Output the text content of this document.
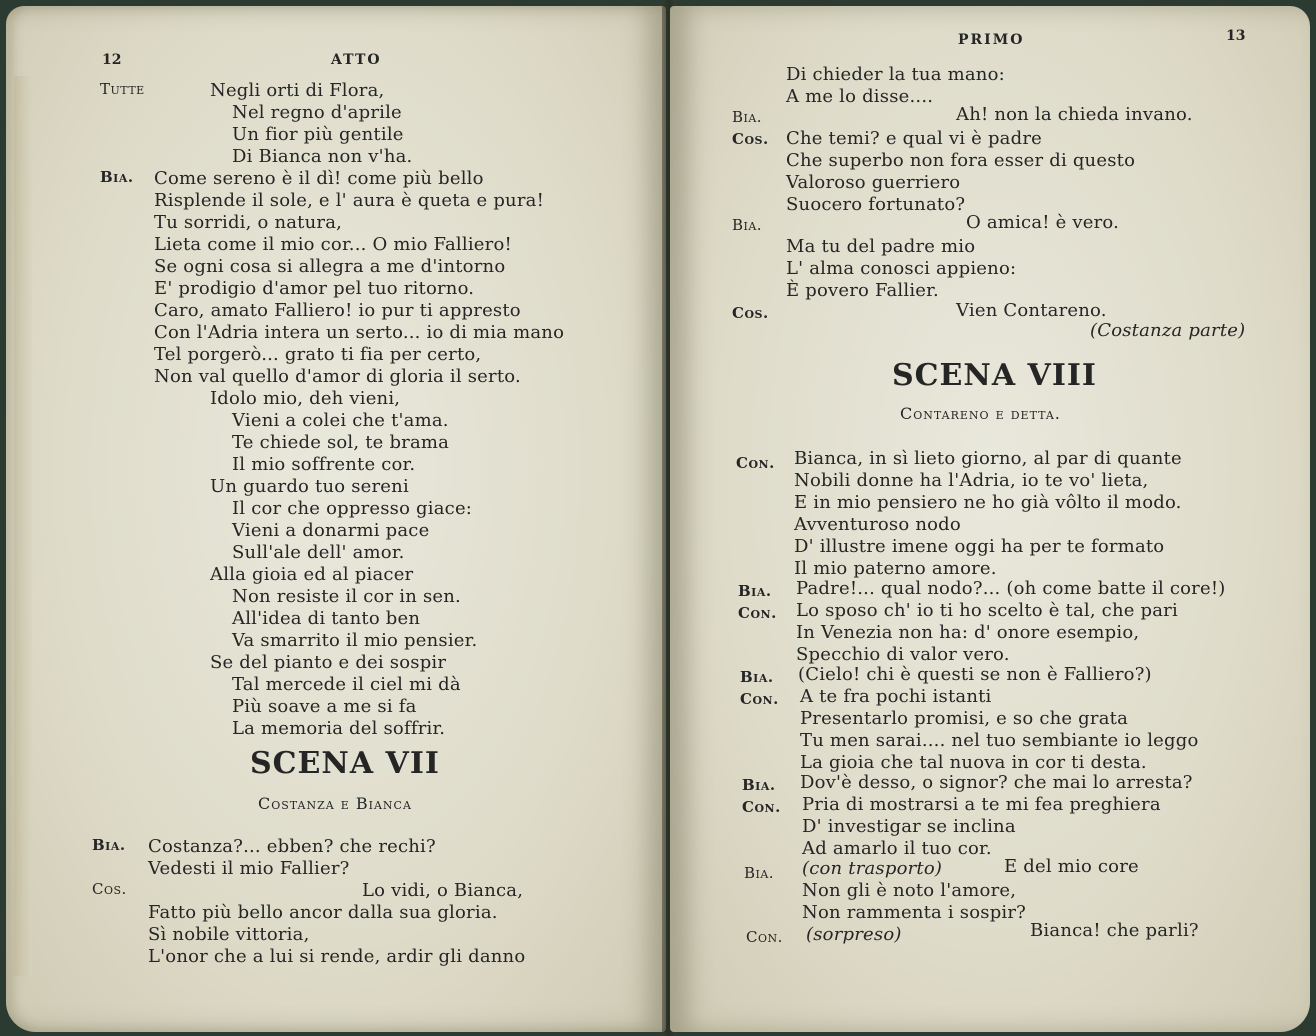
12	ATTO
Tutte	Negli orti di Flora,
Nel regno d'aprile
Un fior più gentile
Di Bianca non v'ha.
Bia. Come sereno è il dì! come più bello
Risplende il sole, e l' aura è queta e pura!
Tu sorridi, o natura,
Lieta come il mio cor... O mio Falliero!
Se ogni cosa si allegra a me d'intorno
E' prodigio d'amor pel tuo ritorno.
Caro, amato Falliero! io pur ti appresto
Con l'Adria intera un serto... io di mia mano
Tel porgerò... grato ti fia per certo,
Non val quello d'amor di gloria il serto.
Idolo mio, deh vieni,
Vieni a colei che t'ama.
Te chiede sol, te brama
Il mio soffrente cor.
Un guardo tuo sereni
Il cor che oppresso giace:
Vieni a donarmi pace
Sull'ale dell' amor.
Alla gioia ed al piacer
Non resiste il cor in sen.
All'idea di tanto ben
Va smarrito il mio pensier.
Se del pianto e dei sospir
Tal mercede il ciel mi dà
Più soave a me si fa
La memoria del soffrir.
SCENA VII
Costanza e Bianca
Bia. Costanza?... ebben? che rechi?
Vedesti il mio Fallier?
Cos.	Lo vidi, o Bianca,
Fatto più bello ancor dalla sua gloria.
Sì nobile vittoria,
L'onor che a lui si rende, ardir gli danno
PRIMO	13
Di chieder la tua mano:
A me lo disse....
Bia.	Ah! non la chieda invano.
Cos. Che temi? e qual vi è padre
Che superbo non fora esser di questo
Valoroso guerriero
Suocero fortunato?
Bia.	O amica! è vero.
Ma tu del padre mio
L' alma conosci appieno:
È povero Fallier.
Cos.	Vien Contareno.
(Costanza parte)
SCENA VIII
Contareno e detta.
Con. Bianca, in sì lieto giorno, al par di quante
Nobili donne ha l'Adria, io te vo' lieta,
E in mio pensiero ne ho già vôlto il modo.
Avventuroso nodo
D' illustre imene oggi ha per te formato
Il mio paterno amore.
Bia. Padre!... qual nodo?... (oh come batte il core!)
Con. Lo sposo ch' io ti ho scelto è tal, che pari
In Venezia non ha: d' onore esempio,
Specchio di valor vero.
Bia. (Cielo! chi è questi se non è Falliero?)
Con. A te fra pochi istanti
Presentarlo promisi, e so che grata
Tu men sarai.... nel tuo sembiante io leggo
La gioia che tal nuova in cor ti desta.
Bia. Dov'è desso, o signor? che mai lo arresta?
Con. Pria di mostrarsi a te mi fea preghiera
D' investigar se inclina
Ad amarlo il tuo cor.
Bia. (con trasporto)	E del mio core
Non gli è noto l'amore,
Non rammenta i sospir?
Con. (sorpreso)	Bianca! che parli?
